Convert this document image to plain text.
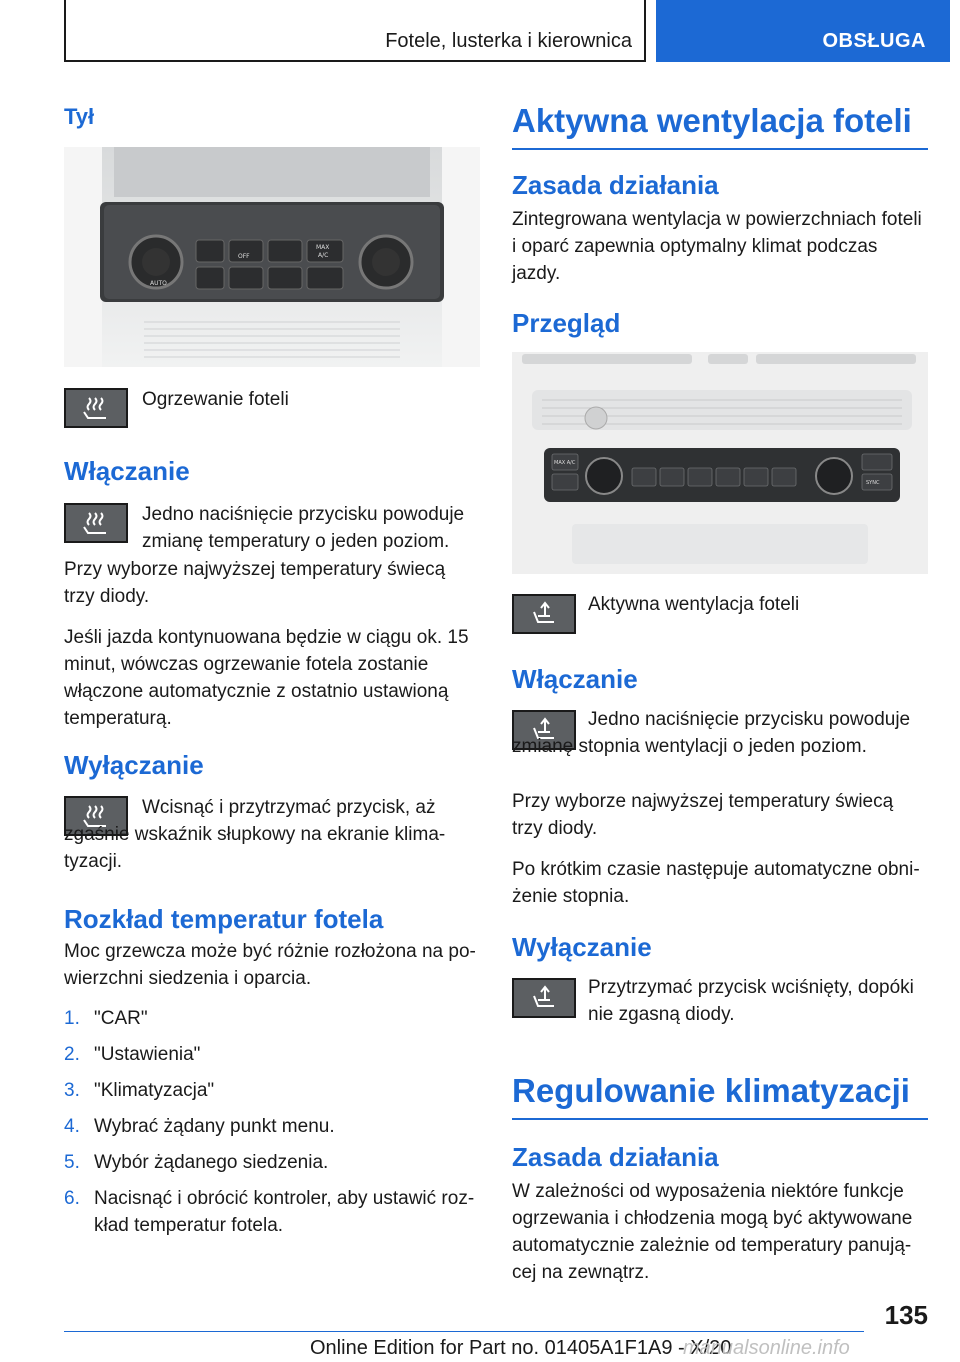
Fotele, lusterka i kierownica	OBSŁUGA
Tył
AUTO
OFF
MAX
A/C

Ogrzewanie foteli

Włączanie

Jedno naciśnięcie przycisku powoduje zmianę temperatury o jeden poziom.

Przy wyborze najwyższej temperatury świecą trzy diody.

Jeśli jazda kontynuowana będzie w ciągu ok. 15 minut, wówczas ogrzewanie fotela zostanie włączone automatycznie z ostatnio ustawioną temperaturą.

Wyłączanie

Wcisnąć i przytrzymać przycisk, aż zgaśnie wskaźnik słupkowy na ekranie klimatyzacji.

Rozkład temperatur fotela

Moc grzewcza może być różnie rozłożona na powierzchni siedzenia i oparcia.

1. "CAR"
2. "Ustawienia"
3. "Klimatyzacja"
4. Wybrać żądany punkt menu.
5. Wybór żądanego siedzenia.
6. Nacisnąć i obrócić kontroler, aby ustawić rozkład temperatur fotela.
Aktywna wentylacja foteli
Zasada działania

Zintegrowana wentylacja w powierzchniach foteli i oparć zapewnia optymalny klimat podczas jazdy.

Przegląd
MAX A/C
SYNC

Aktywna wentylacja foteli

Włączanie

Jedno naciśnięcie przycisku powoduje zmianę stopnia wentylacji o jeden poziom.

Przy wyborze najwyższej temperatury świecą trzy diody.

Po krótkim czasie następuje automatyczne obniżenie stopnia.

Wyłączanie

Przytrzymać przycisk wciśnięty, dopóki nie zgasną diody.

Regulowanie klimatyzacji
Zasada działania

W zależności od wyposażenia niektóre funkcje ogrzewania i chłodzenia mogą być aktywowane automatycznie zależnie od temperatury panującej na zewnątrz.

135
Online Edition for Part no. 01405A1F1A9 - X/20
manualsonline.info
